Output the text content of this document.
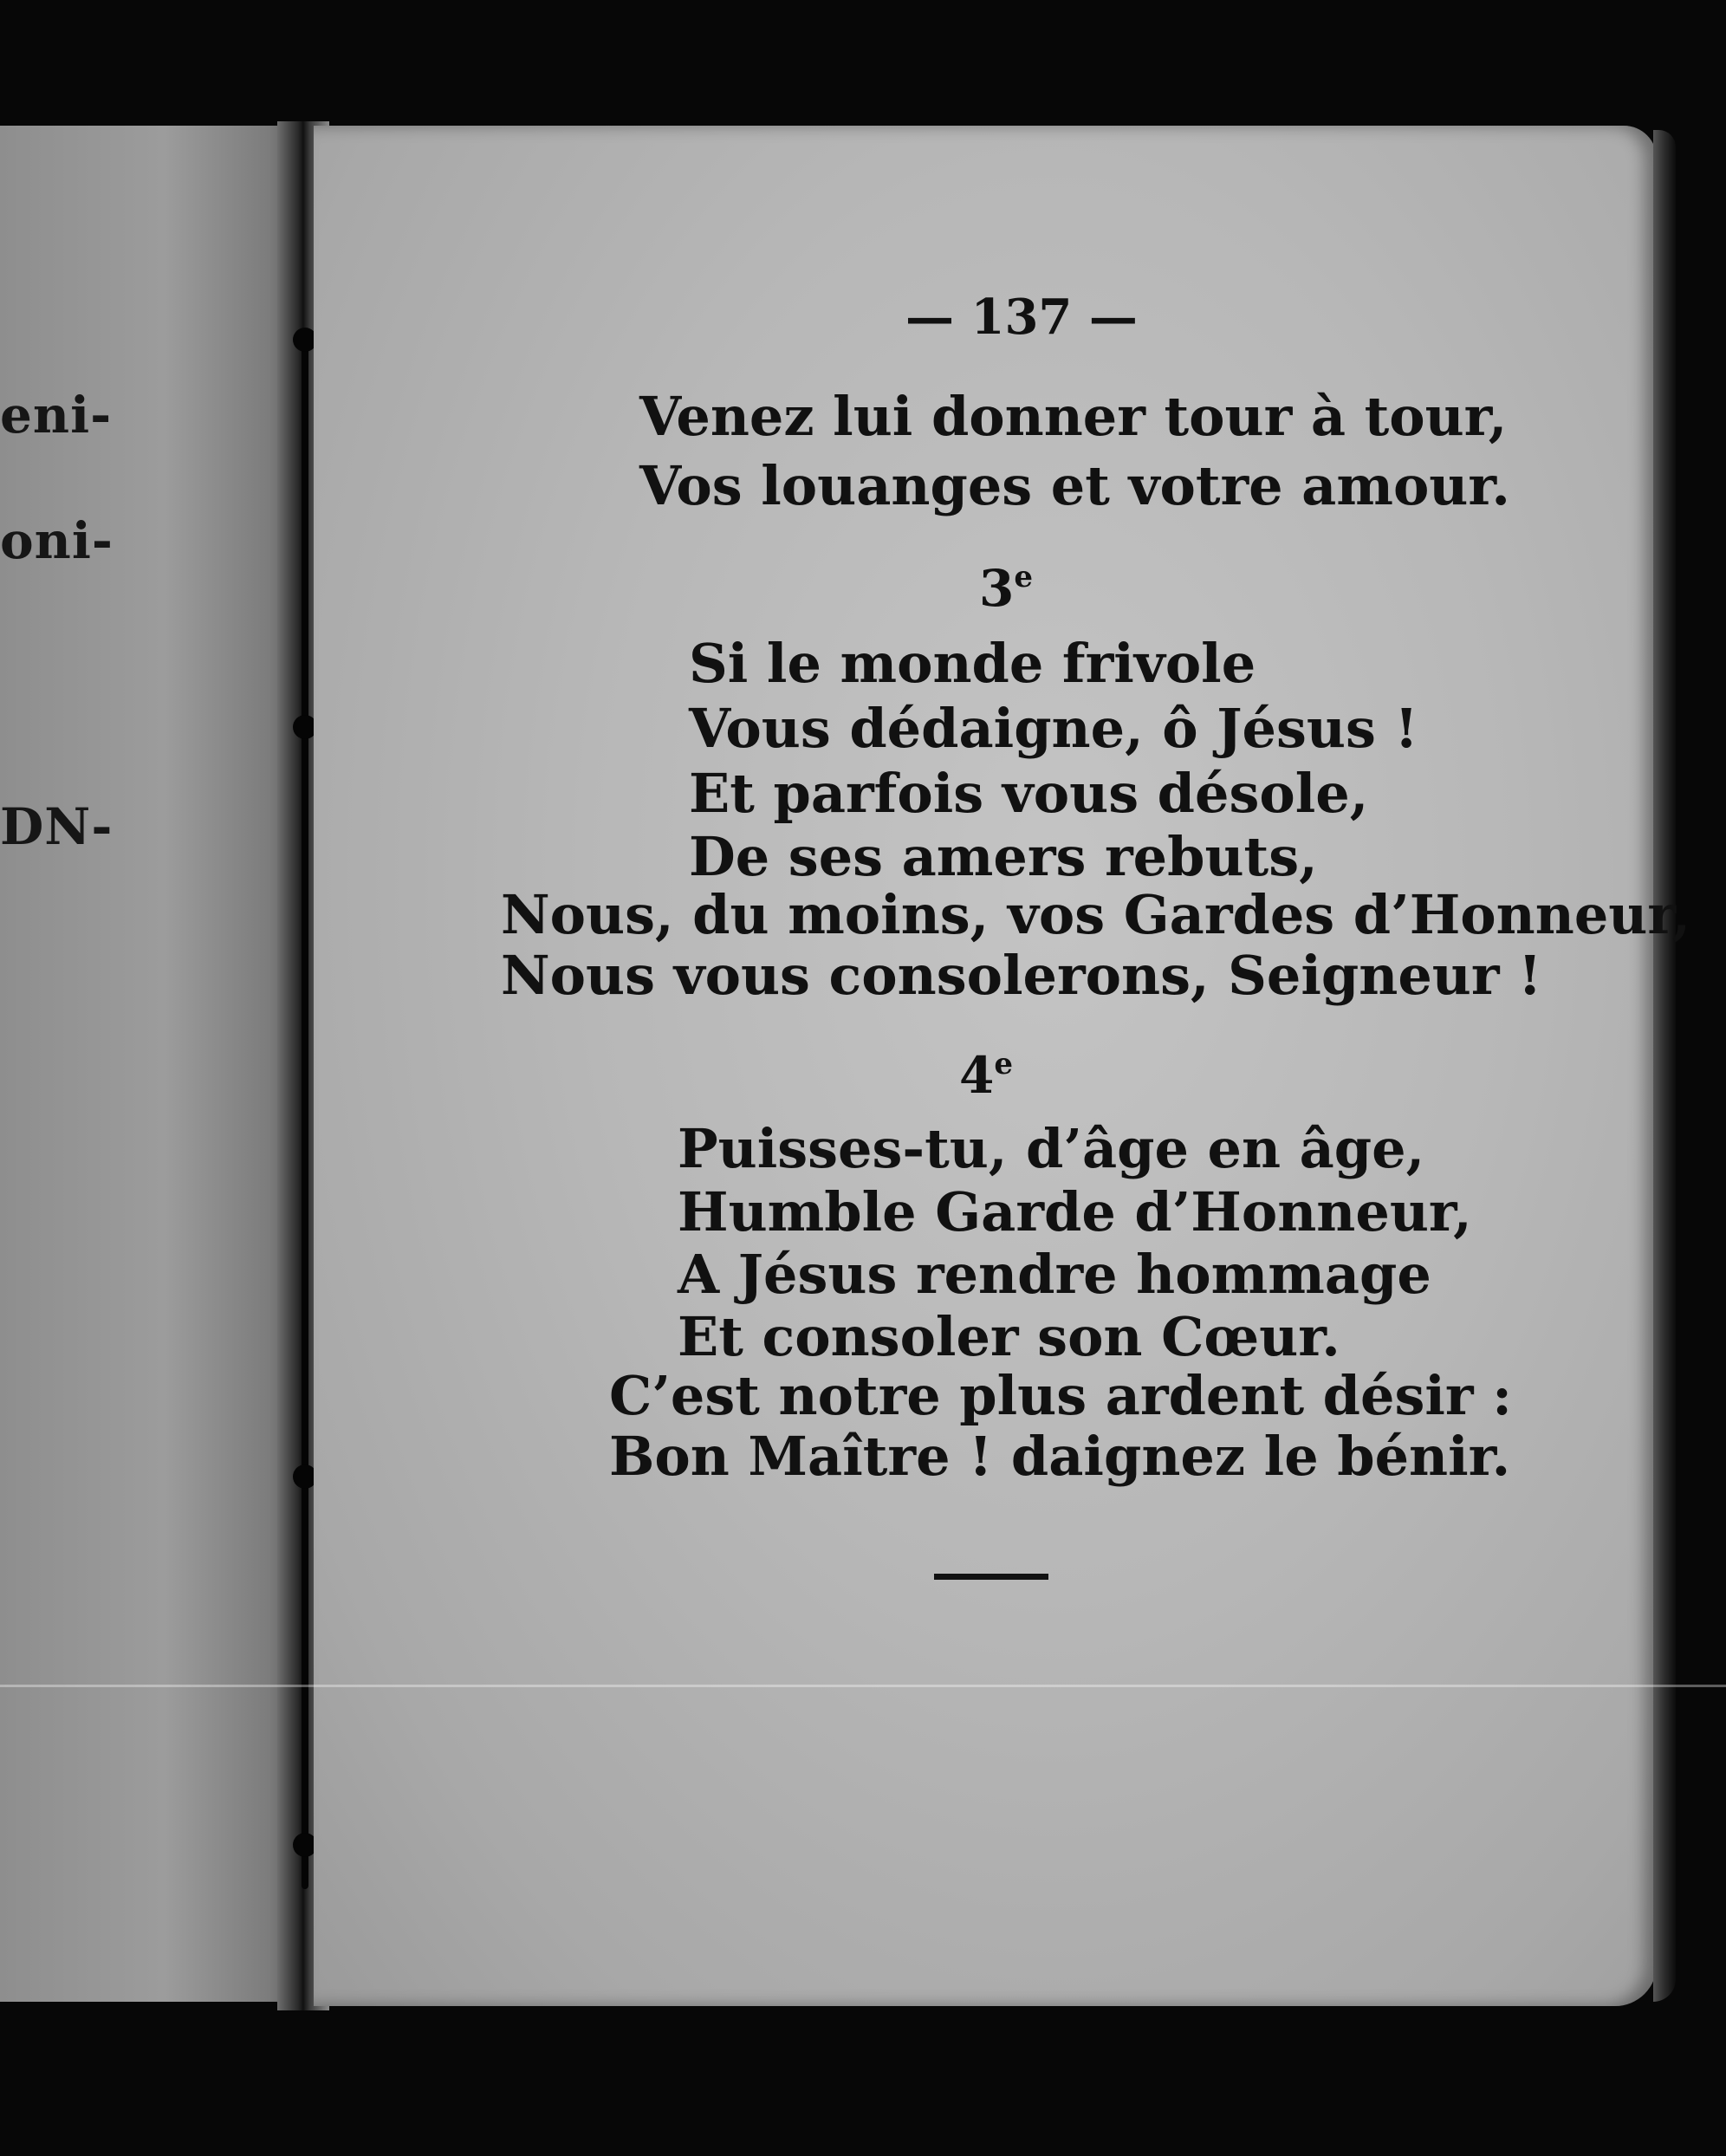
eni-
oni-
DN-

— 137 —

Venez lui donner tour à tour,

Vos louanges et votre amour.

3e

Si le monde frivole

Vous dédaigne, ô Jésus !

Et parfois vous désole,

De ses amers rebuts,

Nous, du moins, vos Gardes d’Honneur,

Nous vous consolerons, Seigneur !

4e

Puisses-tu, d’âge en âge,

Humble Garde d’Honneur,

A Jésus rendre hommage

Et consoler son Cœur.

C’est notre plus ardent désir :

Bon Maître ! daignez le bénir.
